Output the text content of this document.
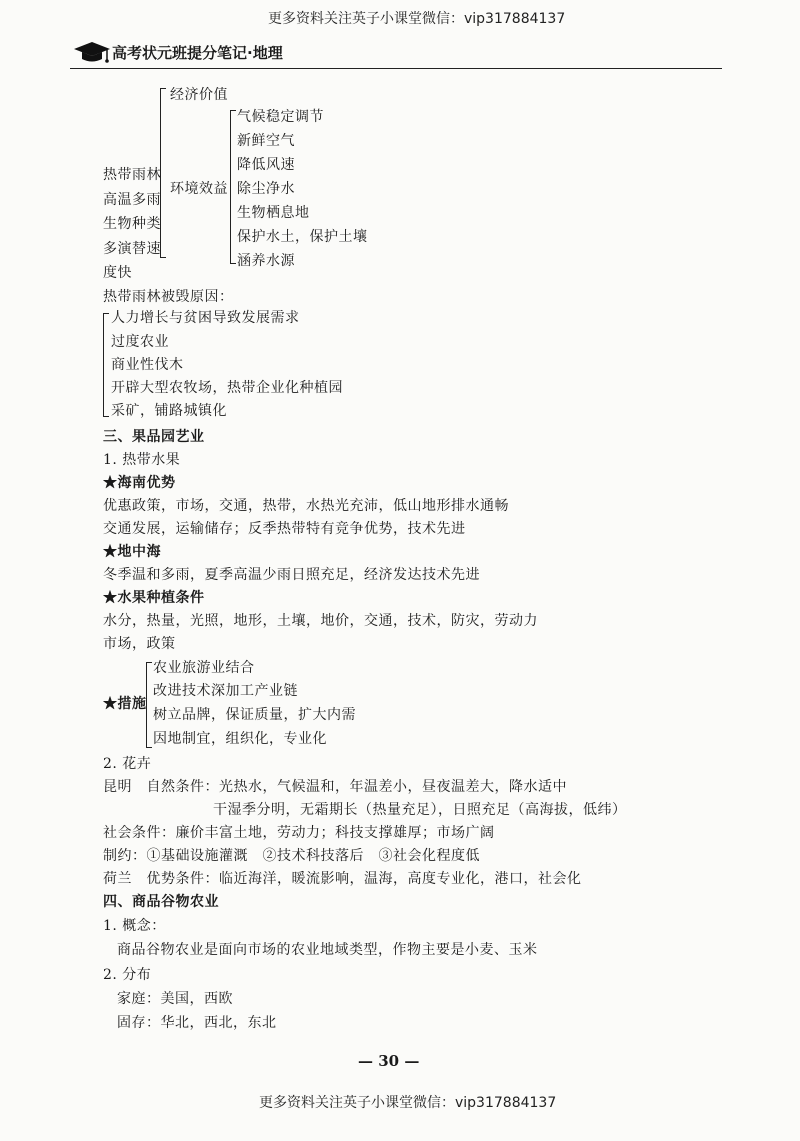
更多资料关注英子小课堂微信：vip317884137
高考状元班提分笔记·地理
热带雨林
高温多雨
生物种类
多演替速
度快
经济价值
环境效益
气候稳定调节
新鲜空气
降低风速
除尘净水
生物栖息地
保护水土，保护土壤
涵养水源
热带雨林被毁原因：
人力增长与贫困导致发展需求
过度农业
商业性伐木
开辟大型农牧场，热带企业化种植园
采矿，铺路城镇化
三、果品园艺业
1. 热带水果
★海南优势
优惠政策，市场，交通，热带，水热光充沛，低山地形排水通畅
交通发展，运输储存；反季热带特有竞争优势，技术先进
★地中海
冬季温和多雨，夏季高温少雨日照充足，经济发达技术先进
★水果种植条件
水分，热量，光照，地形，土壤，地价，交通，技术，防灾，劳动力
市场，政策
★措施
农业旅游业结合
改进技术深加工产业链
树立品牌，保证质量，扩大内需
因地制宜，组织化，专业化
2. 花卉
昆明　自然条件：光热水，气候温和，年温差小，昼夜温差大，降水适中
干湿季分明，无霜期长（热量充足），日照充足（高海拔，低纬）
社会条件：廉价丰富土地，劳动力；科技支撑雄厚；市场广阔
制约：①基础设施灌溉　②技术科技落后　③社会化程度低
荷兰　优势条件：临近海洋，暖流影响，温海，高度专业化，港口，社会化
四、商品谷物农业
1. 概念：
商品谷物农业是面向市场的农业地域类型，作物主要是小麦、玉米
2. 分布
家庭：美国，西欧
固存：华北，西北，东北
— 30 —
更多资料关注英子小课堂微信：vip317884137
